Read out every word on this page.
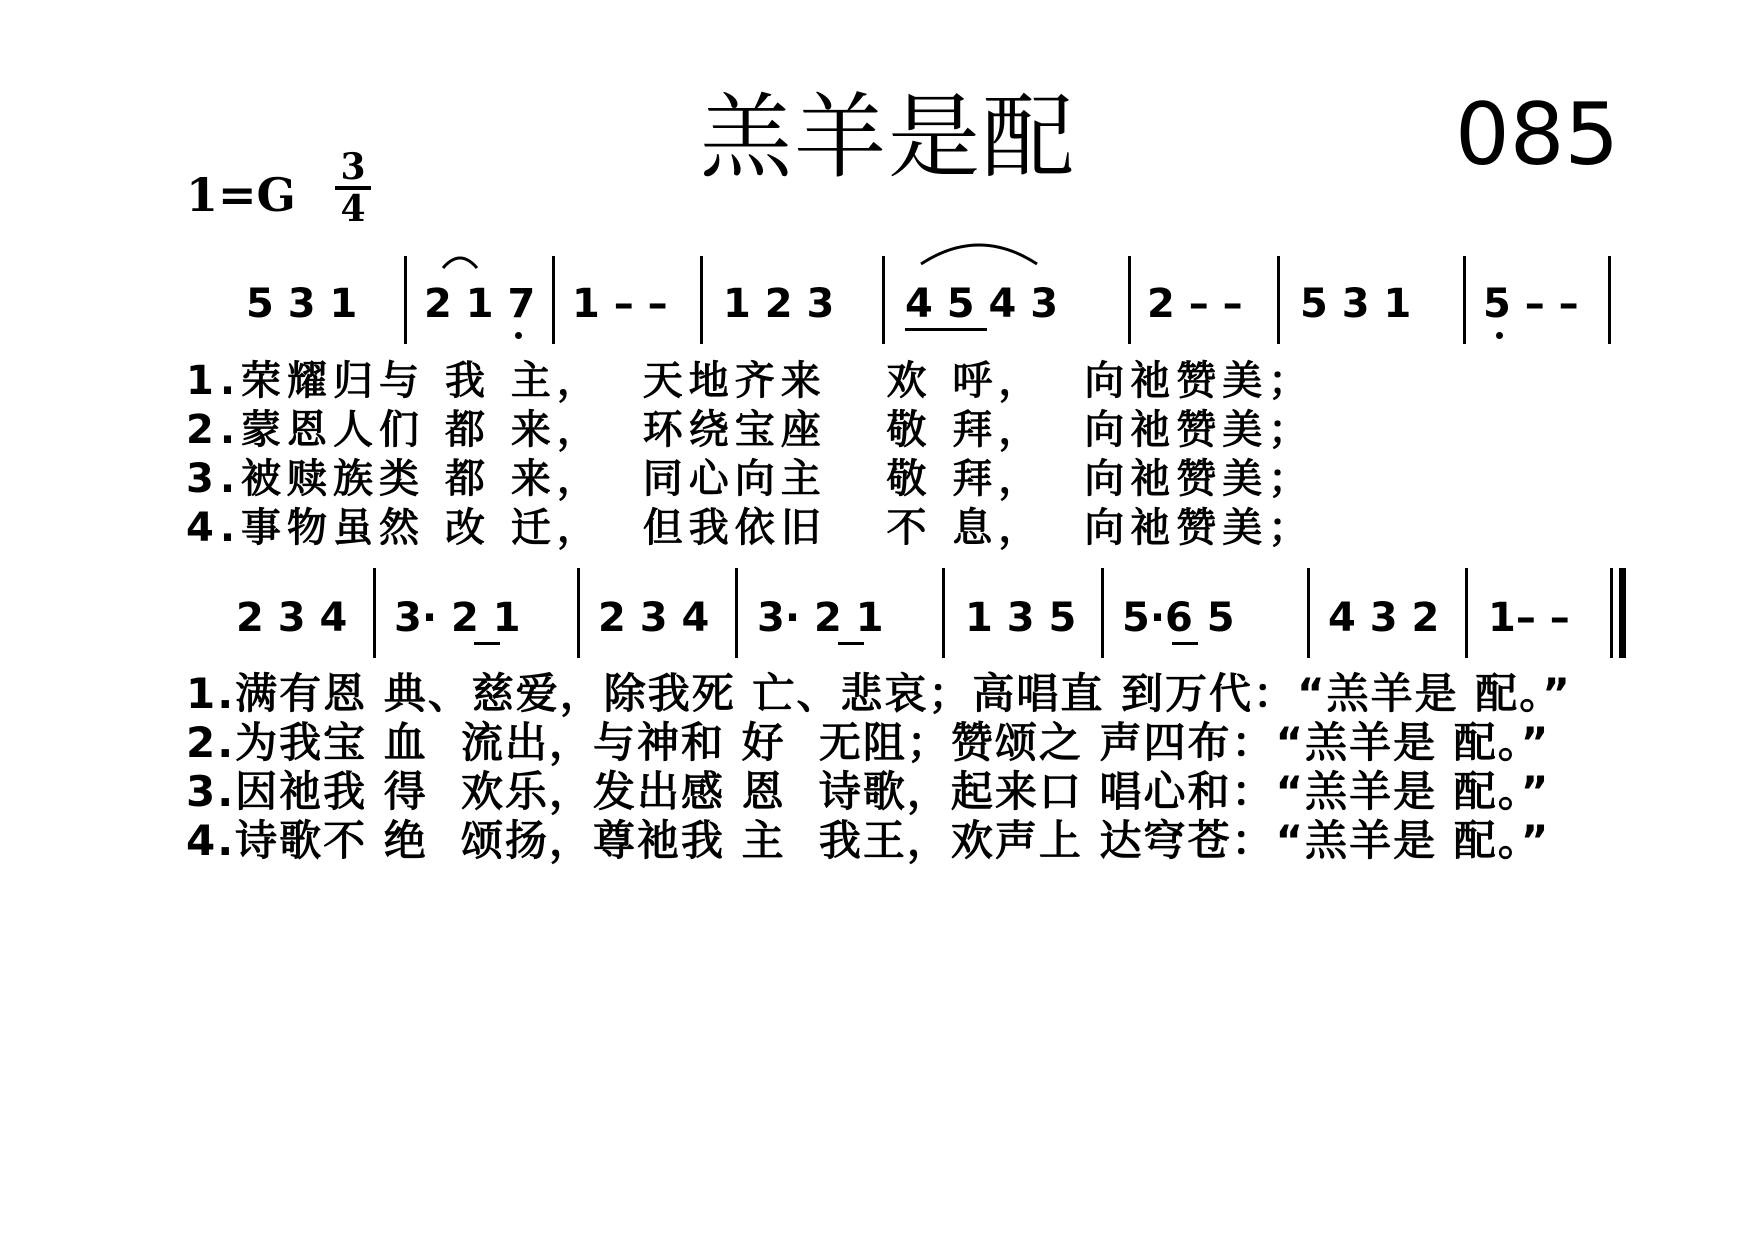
羔羊是配	085
1=G
3
4
5 3 1 2 1 7 1 – – 1 2 3 4 5 4 3 2 – – 5 3 1 5 – –
1.荣耀归与 我 主，  天地齐来   欢 呼，  向祂赞美；
2.蒙恩人们 都 来，  环绕宝座   敬 拜，  向祂赞美；
3.被赎族类 都 来，  同心向主   敬 拜，  向祂赞美；
4.事物虽然 改 迁，  但我依旧   不 息，  向祂赞美；
2 3 4 3· 2 1 2 3 4 3· 2 1 1 3 5 5·6 5 4 3 2 1– –
1.满有恩 典、慈爱，除我死 亡、悲哀；高唱直 到万代：“羔羊是 配。”
2.为我宝 血  流出，与神和 好  无阻；赞颂之 声四布：“羔羊是 配。”
3.因祂我 得  欢乐，发出感 恩  诗歌，起来口 唱心和：“羔羊是 配。”
4.诗歌不 绝  颂扬，尊祂我 主  我王，欢声上 达穹苍：“羔羊是 配。”
